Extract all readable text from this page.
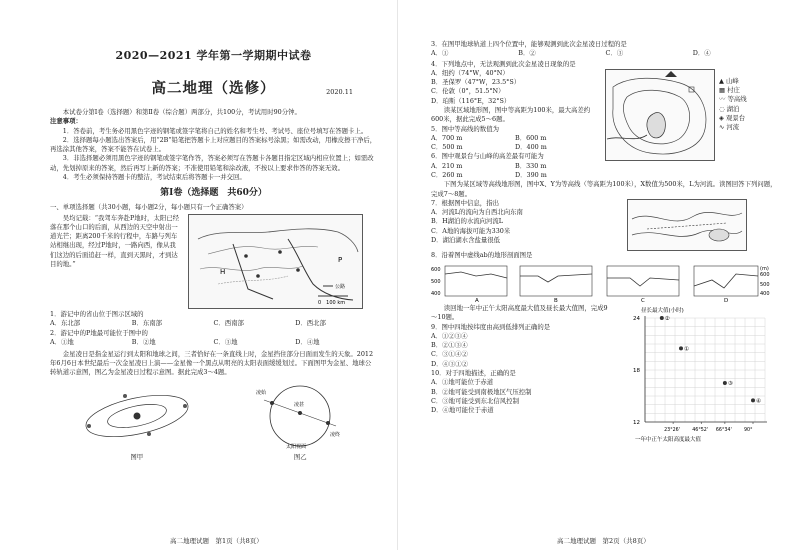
2020—2021 学年第一学期期中试卷
高二地理（选修）	2020.11
本试卷分第Ⅰ卷（选择题）和第Ⅱ卷（综合题）两部分，共100分，考试用时90分钟。
注意事项：
1．答卷前，考生务必用黑色字迹的钢笔或签字笔将自己的姓名和考生号、考试号、座位号填写在答题卡上。
2．选择题每小题选出答案后，用“2B”铅笔把答题卡上对应题目的答案标号涂黑；如需改动，用橡皮擦干净后，再选涂其他答案，答案不能答在试卷上。
3．非选择题必须用黑色字迹的钢笔或签字笔作答，答案必须写在答题卡各题目指定区域内相应位置上；如需改动，先划掉原来的答案，然后再写上新的答案；不准使用铅笔和涂改液，不按以上要求作答的答案无效。
4．考生必须保持答题卡的整洁，考试结束后将答题卡一并交回。
第Ⅰ卷（选择题　共60分）
一、单项选择题（共30小题，每小题2分，每小题只有一个正确答案）
吴均记载：“我驾车奔赴P地时，太阳已经落在那个山口的后面，从西边的天空中射出一道光芒；距离200千米的行程中，车路与列车站相继出现，经过P地时，一路向西，像从我们这边的后面追赶一样，直到天黑时，才到达目的地。”
P
H
公路
0　100 km
1．游记中的省山位于图示区域的
A．东北部	B．东南部	C．西南部	D．西北部
2．游记中的P地最可能位于图中的
A．①地	B．②地	C．③地	D．④地
金星凌日是指金星运行到太阳和地球之间，三者恰好在一条直线上时，金星挡住部分日面而发生的天象。2012年6月6日本世纪最后一次金星凌日上演——金星像一个黑点从明亮的太阳表面缓缓划过。下面图甲为金星、地球公转轨道示意图，图乙为金星凌日过程示意图。据此完成3～4题。
图甲
凌始
凌甚
凌终
太阳视面
图乙
高二地理试题　第1页（共8页）
3．在图甲地球轨道上四个位置中，能够观测到此次金星凌日过程的是
A．①	B．②	C．③	D．④
4．下列地点中，无法观测到此次金星凌日现象的是
A．纽约（74°W，40°N）
B．圣保罗（47°W，23.5°S）
C．伦敦（0°，51.5°N）
D．珀斯（116°E，32°S）
读某区域地形图，图中等高距为100米，最大高差约600米，据此完成5～6题。
5．图中等高线的数值为
A．700 m	B．600 m
C．500 m	D．400 m
6．图中观景台与山峰的高差最有可能为
A．210 m	B．330 m
C．260 m	D．390 m
▲ 山峰
▦ 村庄
〰 等高线
◌ 湖泊
◈ 观景台
∿ 河流
下图为某区域等高线地形图，图中X、Y为等高线（等高距为100米），X数值为500米，L为河流。读图回答下列问题，完成7～8题。
7．根据图中信息，指出
A．河流L的流向为自西北向东南
B．H湖泊的水流向河流L
C．A地的海拔可能为330米
D．湖泊湖水含盐量很低
8．沿着图中虚线ab的地形剖面图是
600
500
400
A	B	C
(m)
600
500
400
D
读回地一年中正午太阳高度最大值及昼长最大值图，完成9～10题。
9．图中四地按纬度由高到低排列正确的是
A．①②③④
B．②①③④
C．③①④②
D．④③①②
10．对于四地描述，正确的是
A．①地可能位于赤道
B．②地可能受到南极地区气压控制
C．③地可能受到东北信风控制
D．④地可能位于赤道
昼长最大值(小时)
12
18
24
23°26'	46°52' 66°34'	90°
①
②
③
④
一年中正午太阳高度最大值
高二地理试题　第2页（共8页）
